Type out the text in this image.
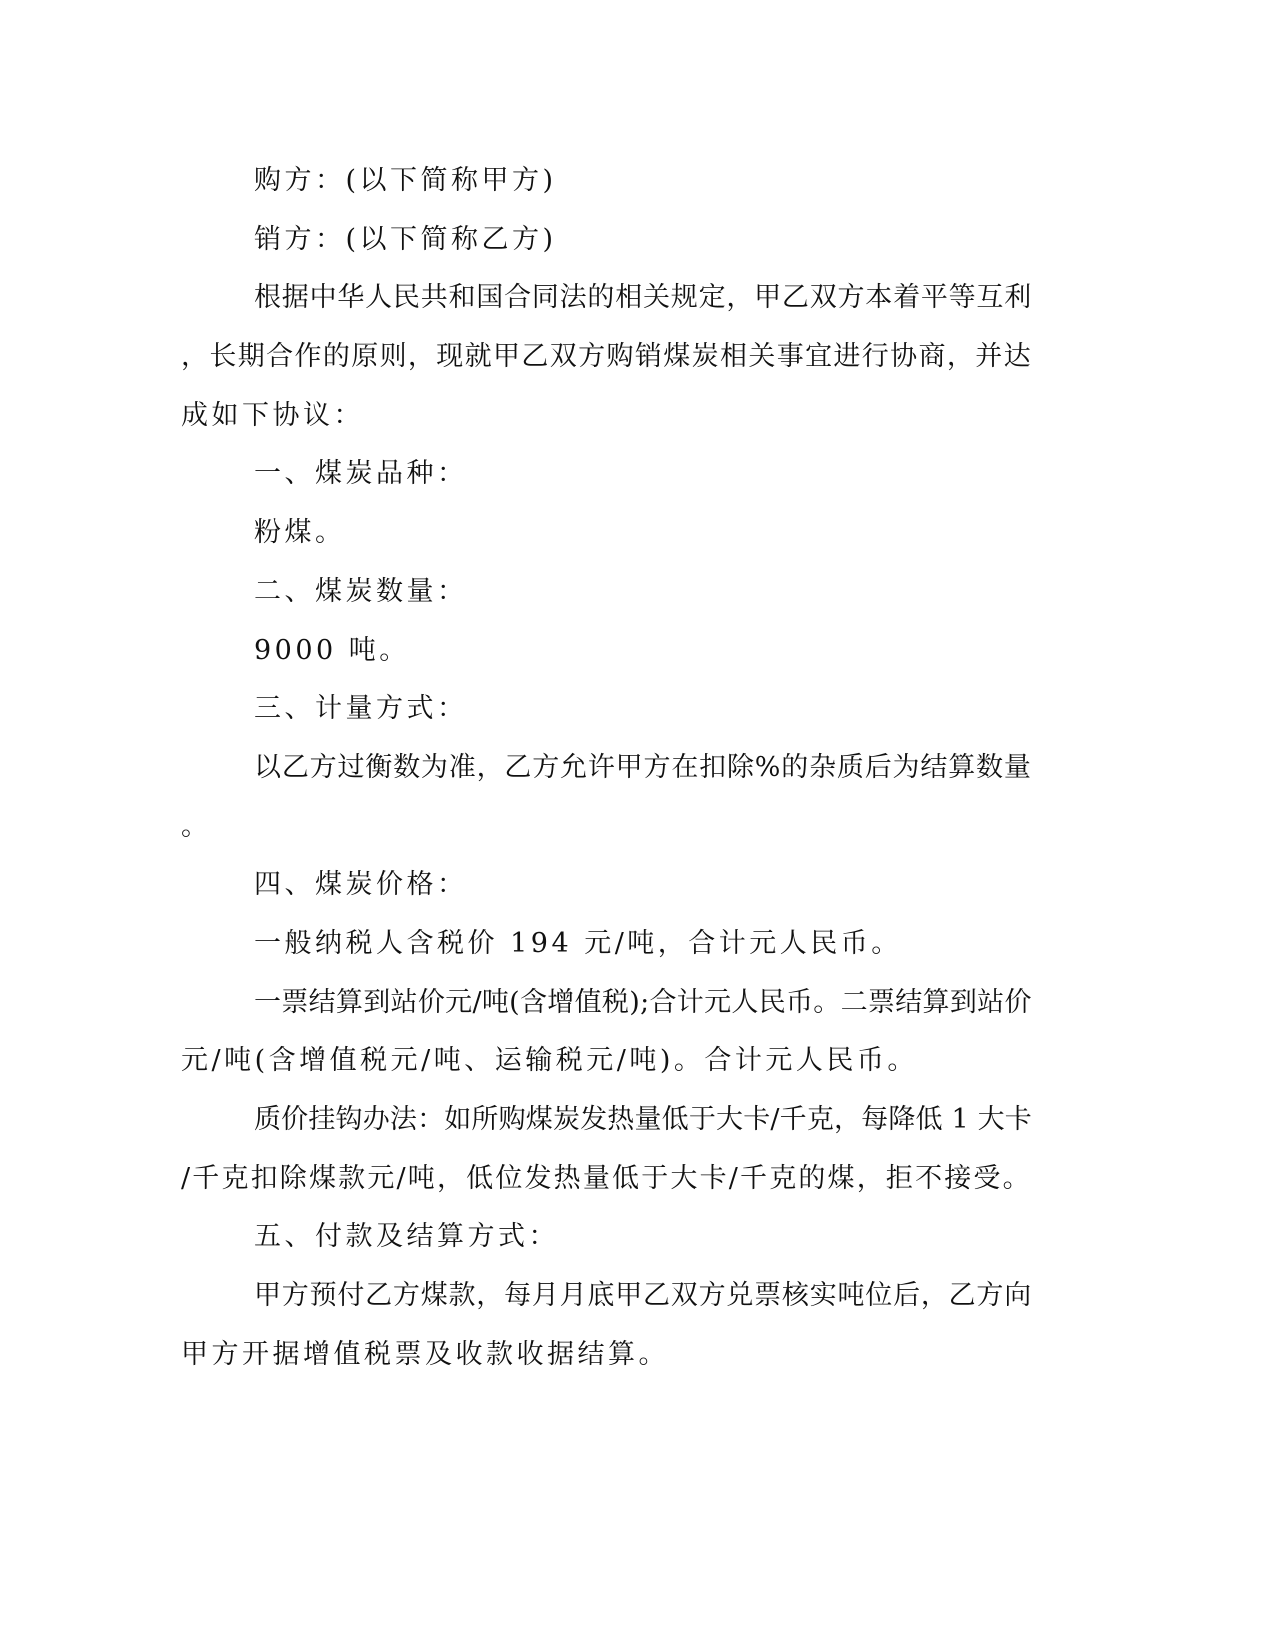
购方：(以下简称甲方)
销方：(以下简称乙方)
根据中华人民共和国合同法的相关规定，甲乙双方本着平等互利
，长期合作的原则，现就甲乙双方购销煤炭相关事宜进行协商，并达
成如下协议：
一、煤炭品种：
粉煤。
二、煤炭数量：
9000 吨。
三、计量方式：
以乙方过衡数为准，乙方允许甲方在扣除%的杂质后为结算数量
。
四、煤炭价格：
一般纳税人含税价 194 元/吨，合计元人民币。
一票结算到站价元/吨(含增值税);合计元人民币。二票结算到站价
元/吨(含增值税元/吨、运输税元/吨)。合计元人民币。
质价挂钩办法：如所购煤炭发热量低于大卡/千克，每降低 1 大卡
/千克扣除煤款元/吨，低位发热量低于大卡/千克的煤，拒不接受。
五、付款及结算方式：
甲方预付乙方煤款，每月月底甲乙双方兑票核实吨位后，乙方向
甲方开据增值税票及收款收据结算。
